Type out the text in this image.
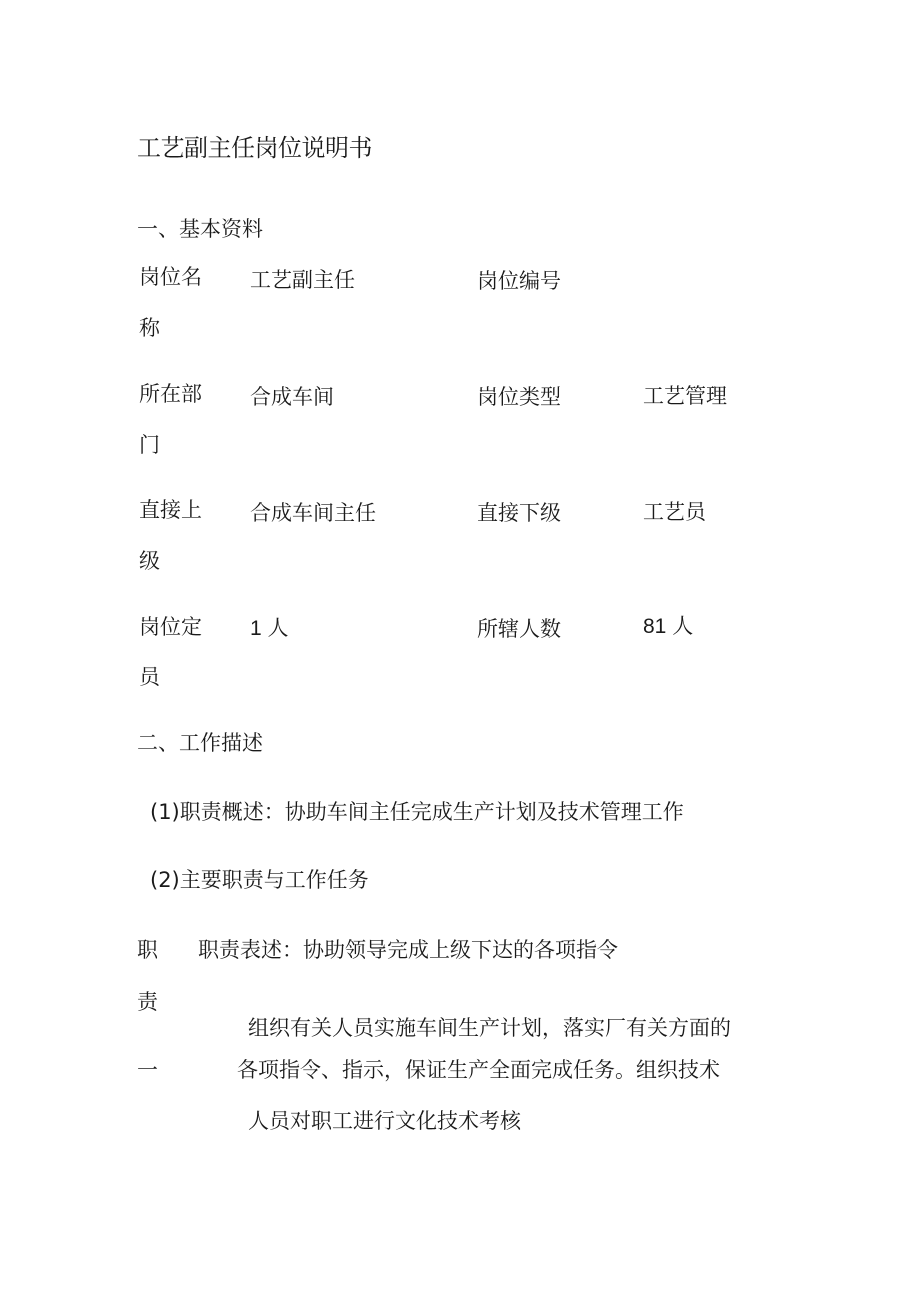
工艺副主任岗位说明书
一、基本资料
岗位名
称
工艺副主任	岗位编号
所在部
门
合成车间	岗位类型	工艺管理
直接上
级
合成车间主任	直接下级	工艺员
岗位定
员
1 人	所辖人数	81 人
二、工作描述
(1)职责概述：协助车间主任完成生产计划及技术管理工作
(2)主要职责与工作任务
职
责
一
职责表述：协助领导完成上级下达的各项指令
组织有关人员实施车间生产计划，落实厂有关方面的
各项指令、指示，保证生产全面完成任务。组织技术
人员对职工进行文化技术考核
